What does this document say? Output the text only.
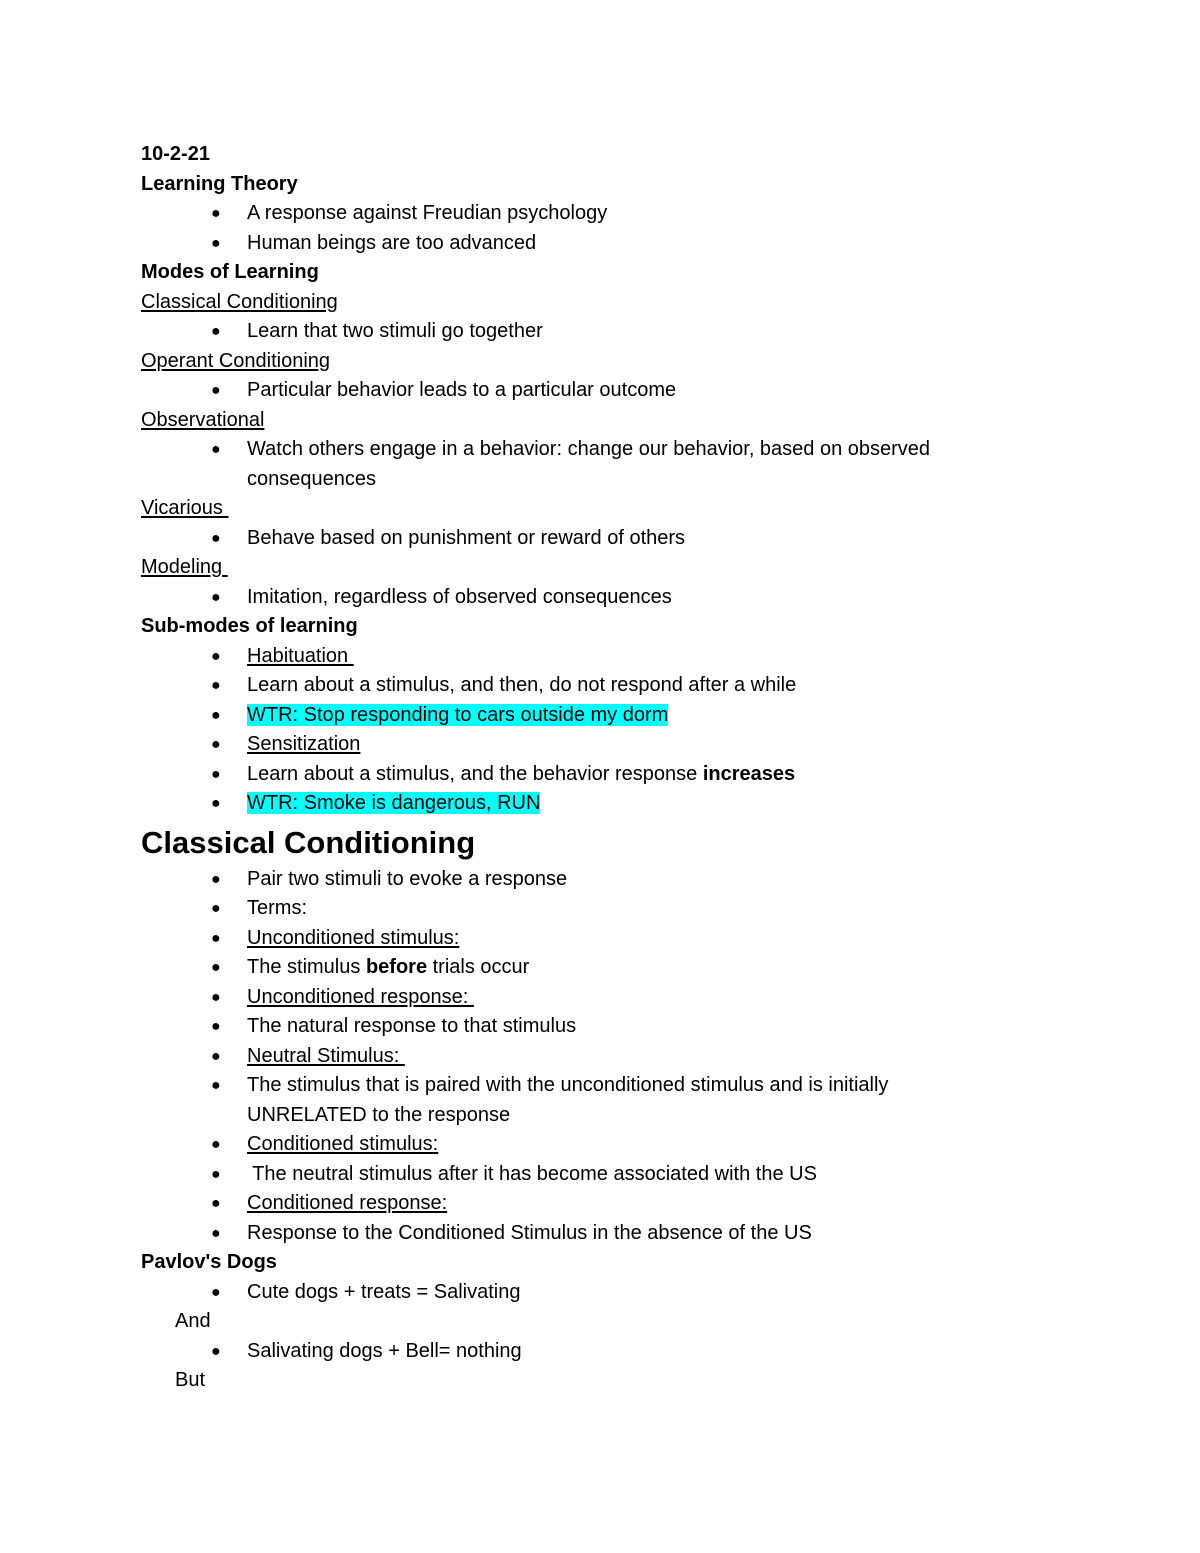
10-2-21
Learning Theory
● A response against Freudian psychology
● Human beings are too advanced
Modes of Learning
Classical Conditioning
● Learn that two stimuli go together
Operant Conditioning
● Particular behavior leads to a particular outcome
Observational
● Watch others engage in a behavior: change our behavior, based on observed consequences
Vicarious
● Behave based on punishment or reward of others
Modeling
● Imitation, regardless of observed consequences
Sub-modes of learning
● Habituation
● Learn about a stimulus, and then, do not respond after a while
● WTR: Stop responding to cars outside my dorm
● Sensitization
● Learn about a stimulus, and the behavior response increases
● WTR: Smoke is dangerous, RUN
Classical Conditioning
● Pair two stimuli to evoke a response
● Terms:
● Unconditioned stimulus:
● The stimulus before trials occur
● Unconditioned response:
● The natural response to that stimulus
● Neutral Stimulus:
● The stimulus that is paired with the unconditioned stimulus and is initially UNRELATED to the response
● Conditioned stimulus:
● The neutral stimulus after it has become associated with the US
● Conditioned response:
● Response to the Conditioned Stimulus in the absence of the US
Pavlov's Dogs
● Cute dogs + treats = Salivating
And
● Salivating dogs + Bell= nothing
But
